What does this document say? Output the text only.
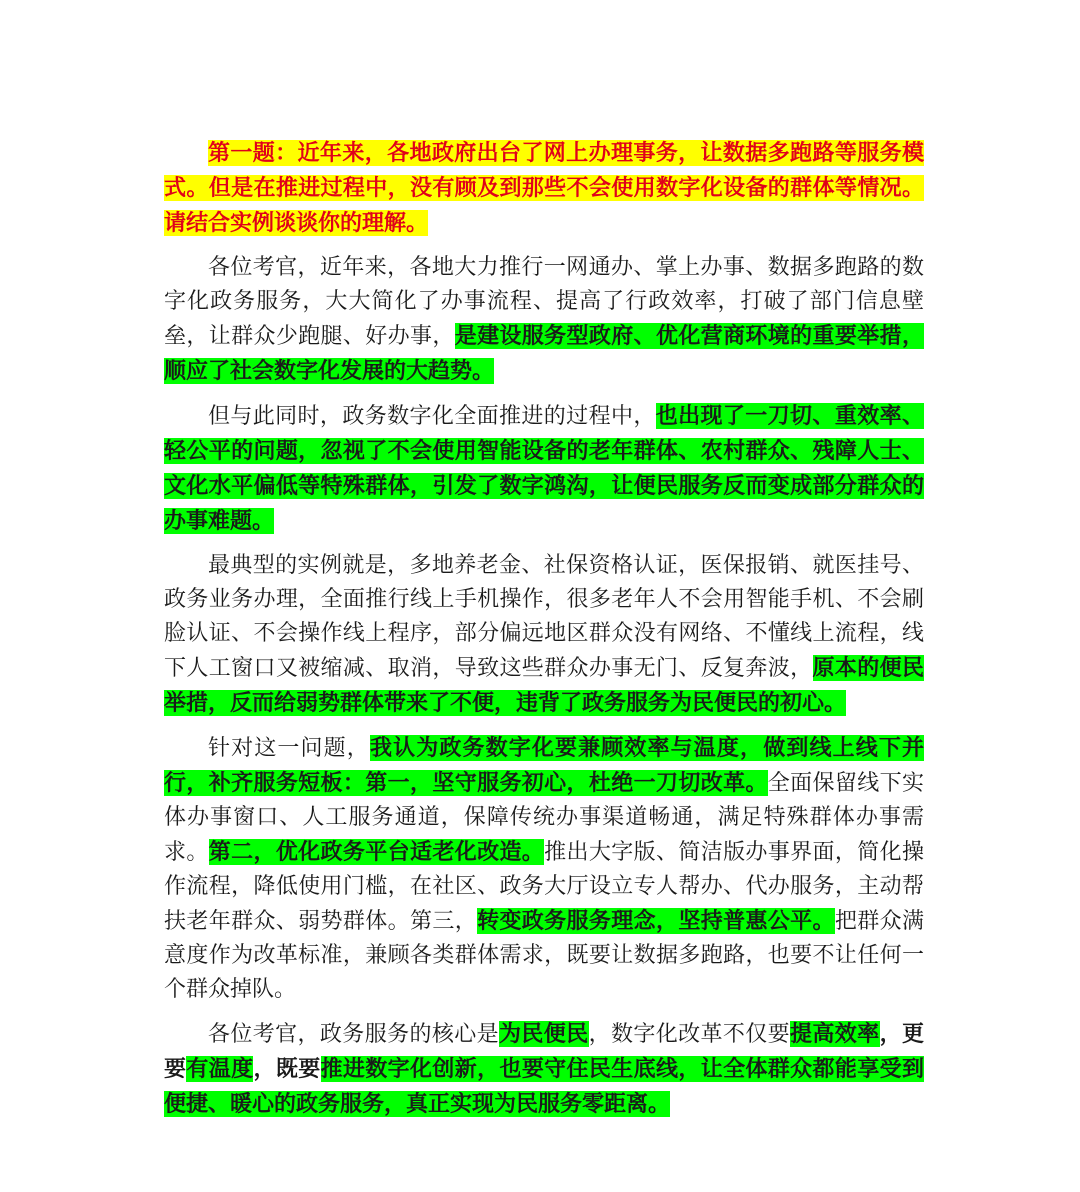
第一题：近年来，各地政府出台了网上办理事务，让数据多跑路等服务模式。但是在推进过程中，没有顾及到那些不会使用数字化设备的群体等情况。请结合实例谈谈你的理解。

各位考官，近年来，各地大力推行一网通办、掌上办事、数据多跑路的数字化政务服务，大大简化了办事流程、提高了行政效率，打破了部门信息壁垒，让群众少跑腿、好办事，是建设服务型政府、优化营商环境的重要举措，顺应了社会数字化发展的大趋势。

但与此同时，政务数字化全面推进的过程中，也出现了一刀切、重效率、轻公平的问题，忽视了不会使用智能设备的老年群体、农村群众、残障人士、文化水平偏低等特殊群体，引发了数字鸿沟，让便民服务反而变成部分群众的办事难题。

最典型的实例就是，多地养老金、社保资格认证，医保报销、就医挂号、政务业务办理，全面推行线上手机操作，很多老年人不会用智能手机、不会刷脸认证、不会操作线上程序，部分偏远地区群众没有网络、不懂线上流程，线下人工窗口又被缩减、取消，导致这些群众办事无门、反复奔波，原本的便民举措，反而给弱势群体带来了不便，违背了政务服务为民便民的初心。

针对这一问题，我认为政务数字化要兼顾效率与温度，做到线上线下并行，补齐服务短板：第一，坚守服务初心，杜绝一刀切改革。全面保留线下实体办事窗口、人工服务通道，保障传统办事渠道畅通，满足特殊群体办事需求。第二，优化政务平台适老化改造。推出大字版、简洁版办事界面，简化操作流程，降低使用门槛，在社区、政务大厅设立专人帮办、代办服务，主动帮扶老年群众、弱势群体。第三，转变政务服务理念，坚持普惠公平。把群众满意度作为改革标准，兼顾各类群体需求，既要让数据多跑路，也要不让任何一个群众掉队。

各位考官，政务服务的核心是为民便民，数字化改革不仅要提高效率，更要有温度，既要推进数字化创新，也要守住民生底线，让全体群众都能享受到便捷、暖心的政务服务，真正实现为民服务零距离。
